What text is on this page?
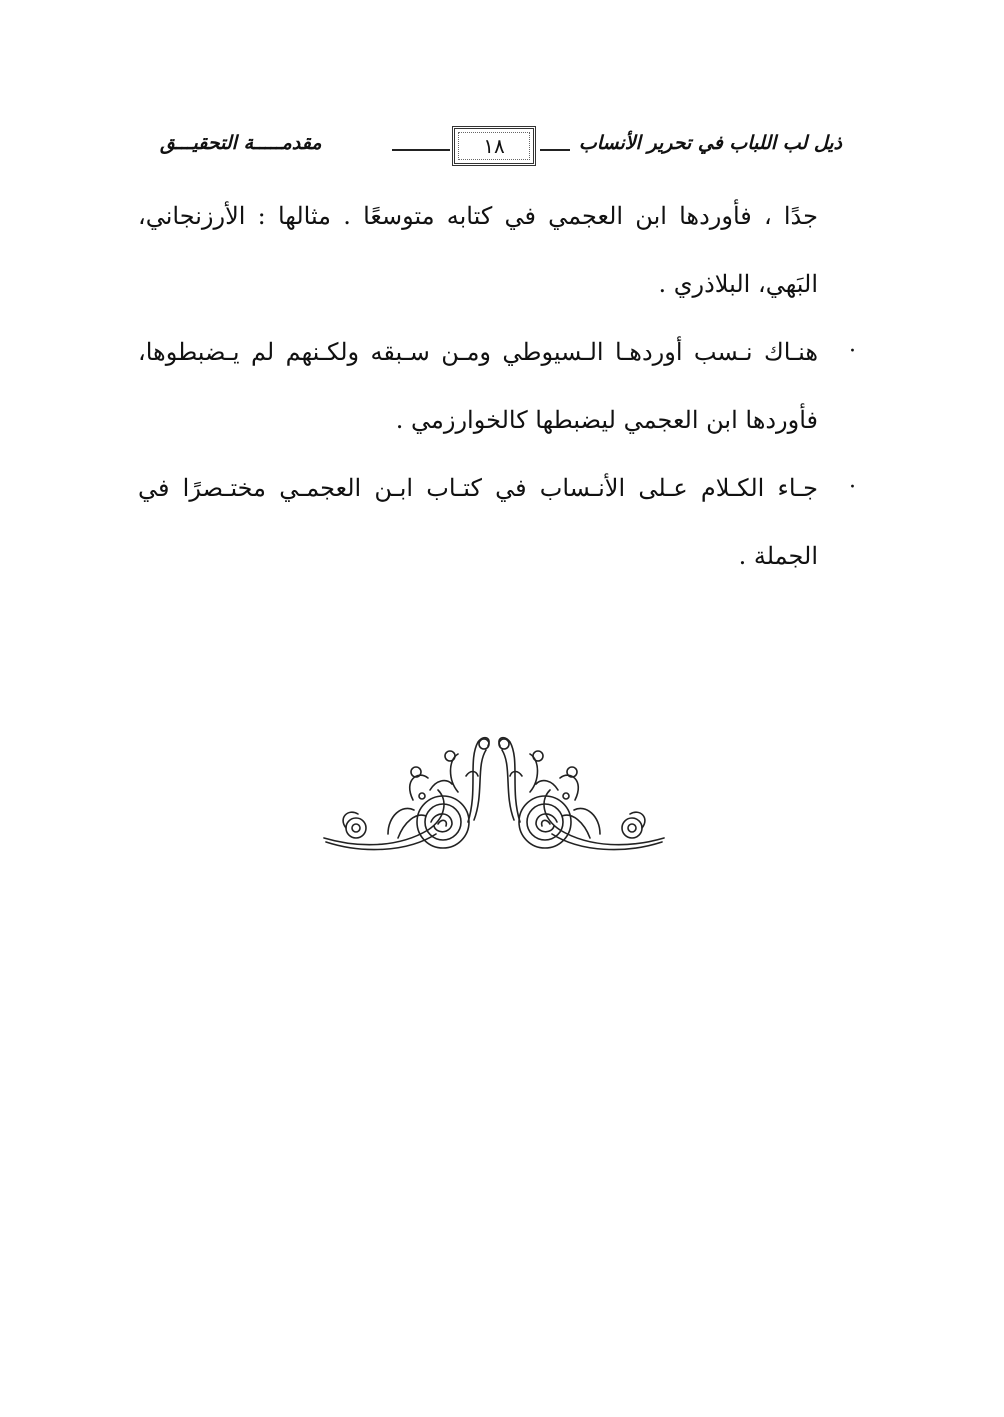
ذيل لب اللباب في تحرير الأنساب
١٨
مقدمـــــة التحقيـــق

جدًا ، فأوردها ابن العجمي في كتابه متوسعًا . مثالها : الأرزنجاني، البَهي، البلاذري .

·

هنـاك نـسب أوردهـا الـسيوطي ومـن سـبقه ولكـنهم لم يـضبطوها، فأوردها ابن العجمي ليضبطها كالخوارزمي .

·

جـاء الكـلام عـلى الأنـساب في كتـاب ابـن العجمـي مختـصرًا في الجملة .
